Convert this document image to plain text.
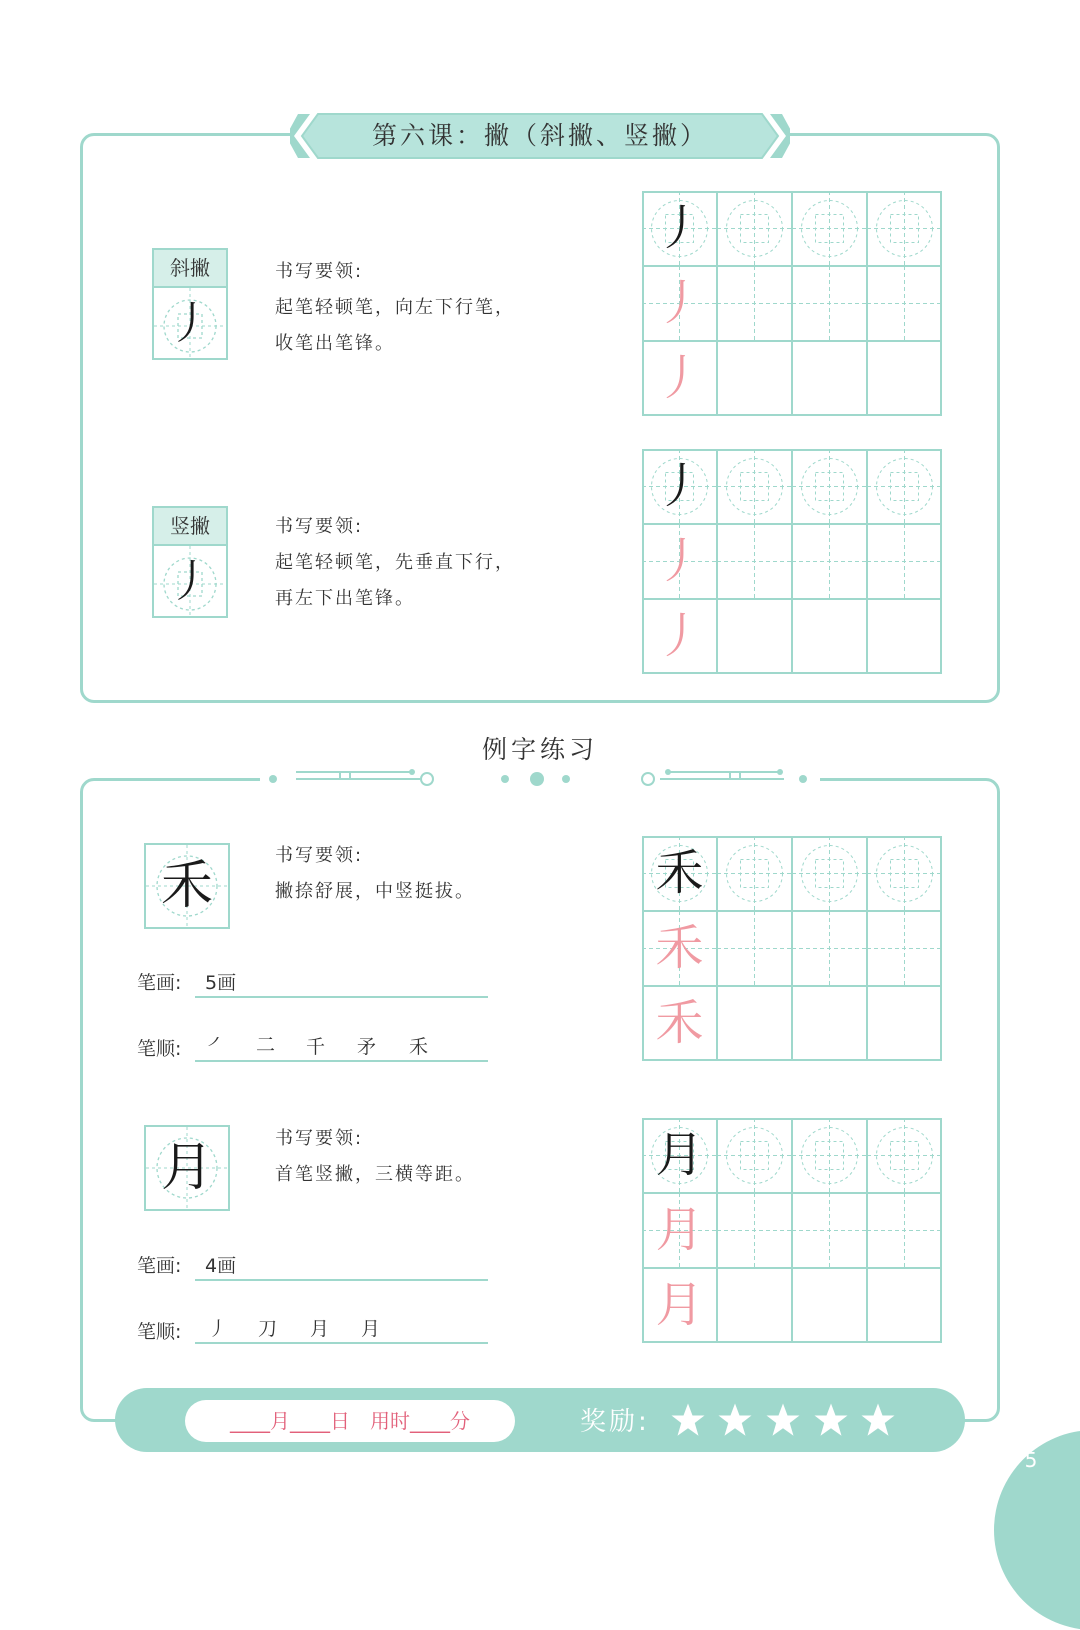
第六课：撇（斜撇、竖撇）
斜撇
丿
书写要领:
起笔轻顿笔，向左下行笔，
收笔出笔锋。
丿
丿
丿
竖撇
丿
书写要领:
起笔轻顿笔，先垂直下行，
再左下出笔锋。
丿
丿
丿
例字练习
禾
书写要领:
撇捺舒展，中竖挺拔。
笔画: 5画
笔顺: ㇒ 二 千 矛 禾
禾
禾
禾
月	书写要领:
首笔竖撇，三横等距。
笔画: 4画
笔顺: 丿 刀 月 月
月
月
月
____月____日　用时____分	奖励:
5
